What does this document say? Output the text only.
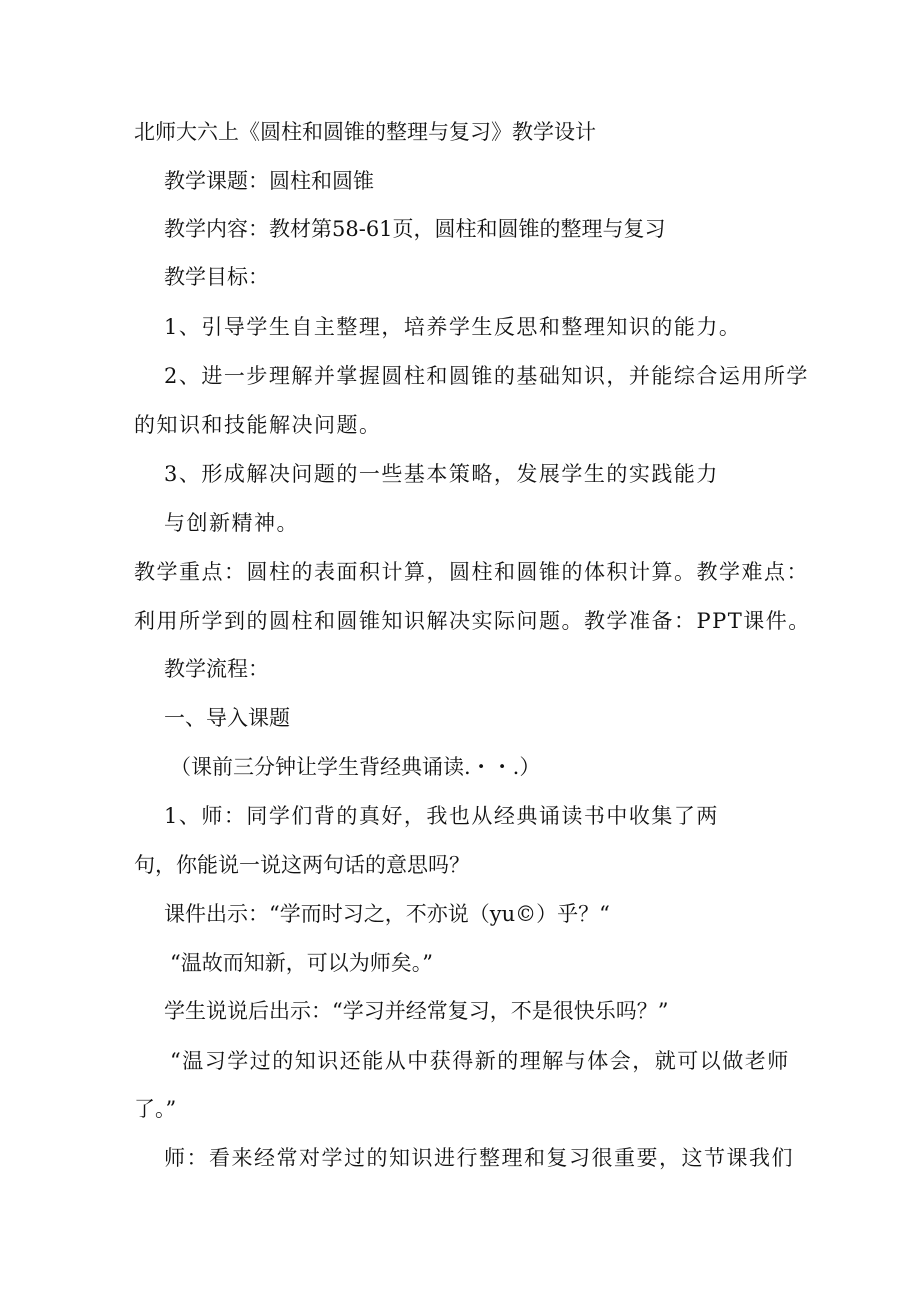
北师大六上《圆柱和圆锥的整理与复习》教学设计

教学课题：圆柱和圆锥

教学内容：教材第58-61页，圆柱和圆锥的整理与复习

教学目标：

1、引导学生自主整理，培养学生反思和整理知识的能力。

2、进一步理解并掌握圆柱和圆锥的基础知识，并能综合运用所学

的知识和技能解决问题。

3、形成解决问题的一些基本策略，发展学生的实践能力

与创新精神。

教学重点：圆柱的表面积计算，圆柱和圆锥的体积计算。教学难点：

利用所学到的圆柱和圆锥知识解决实际问题。教学准备：PPT课件。

教学流程：

一、导入课题

（课前三分钟让学生背经典诵读.・・.）

1、师：同学们背的真好，我也从经典诵读书中收集了两

句，你能说一说这两句话的意思吗？

课件出示：“学而时习之，不亦说（yu©）乎？“

“温故而知新，可以为师矣。”

学生说说后出示：“学习并经常复习，不是很快乐吗？”

“温习学过的知识还能从中获得新的理解与体会，就可以做老师

了。”

师：看来经常对学过的知识进行整理和复习很重要，这节课我们
